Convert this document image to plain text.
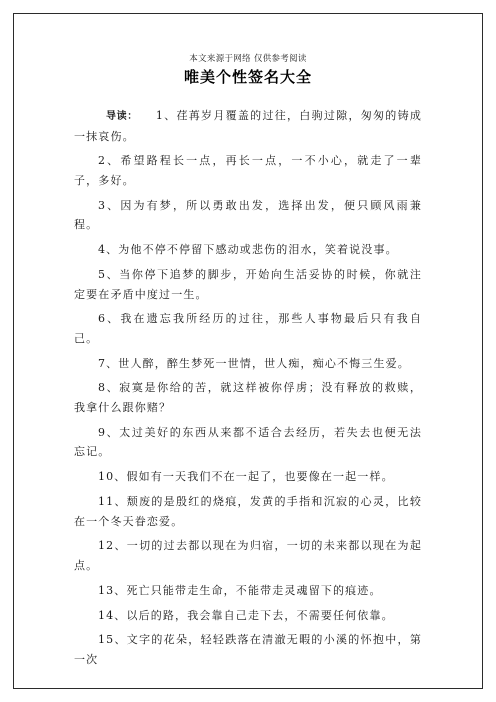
本文来源于网络 仅供参考阅读
唯美个性签名大全

导读： 1、荏苒岁月覆盖的过往，白驹过隙，匆匆的铸成一抹哀伤。

2、希望路程长一点，再长一点，一不小心，就走了一辈子，多好。

3、因为有梦，所以勇敢出发，选择出发，便只顾风雨兼程。

4、为他不停不停留下感动或悲伤的泪水，笑着说没事。

5、当你停下追梦的脚步，开始向生活妥协的时候，你就注定要在矛盾中度过一生。

6、我在遗忘我所经历的过往，那些人事物最后只有我自己。

7、世人醉，醉生梦死一世情，世人痴，痴心不悔三生爱。

8、寂寞是你给的苦，就这样被你俘虏；没有释放的救赎，我拿什么跟你赌？

9、太过美好的东西从来都不适合去经历，若失去也便无法忘记。

10、假如有一天我们不在一起了，也要像在一起一样。

11、颓废的是殷红的烧痕，发黄的手指和沉寂的心灵，比较在一个冬天眷恋爱。

12、一切的过去都以现在为归宿，一切的未来都以现在为起点。

13、死亡只能带走生命，不能带走灵魂留下的痕迹。

14、以后的路，我会靠自己走下去，不需要任何依靠。

15、文字的花朵，轻轻跌落在清澈无暇的小溪的怀抱中，第一次
